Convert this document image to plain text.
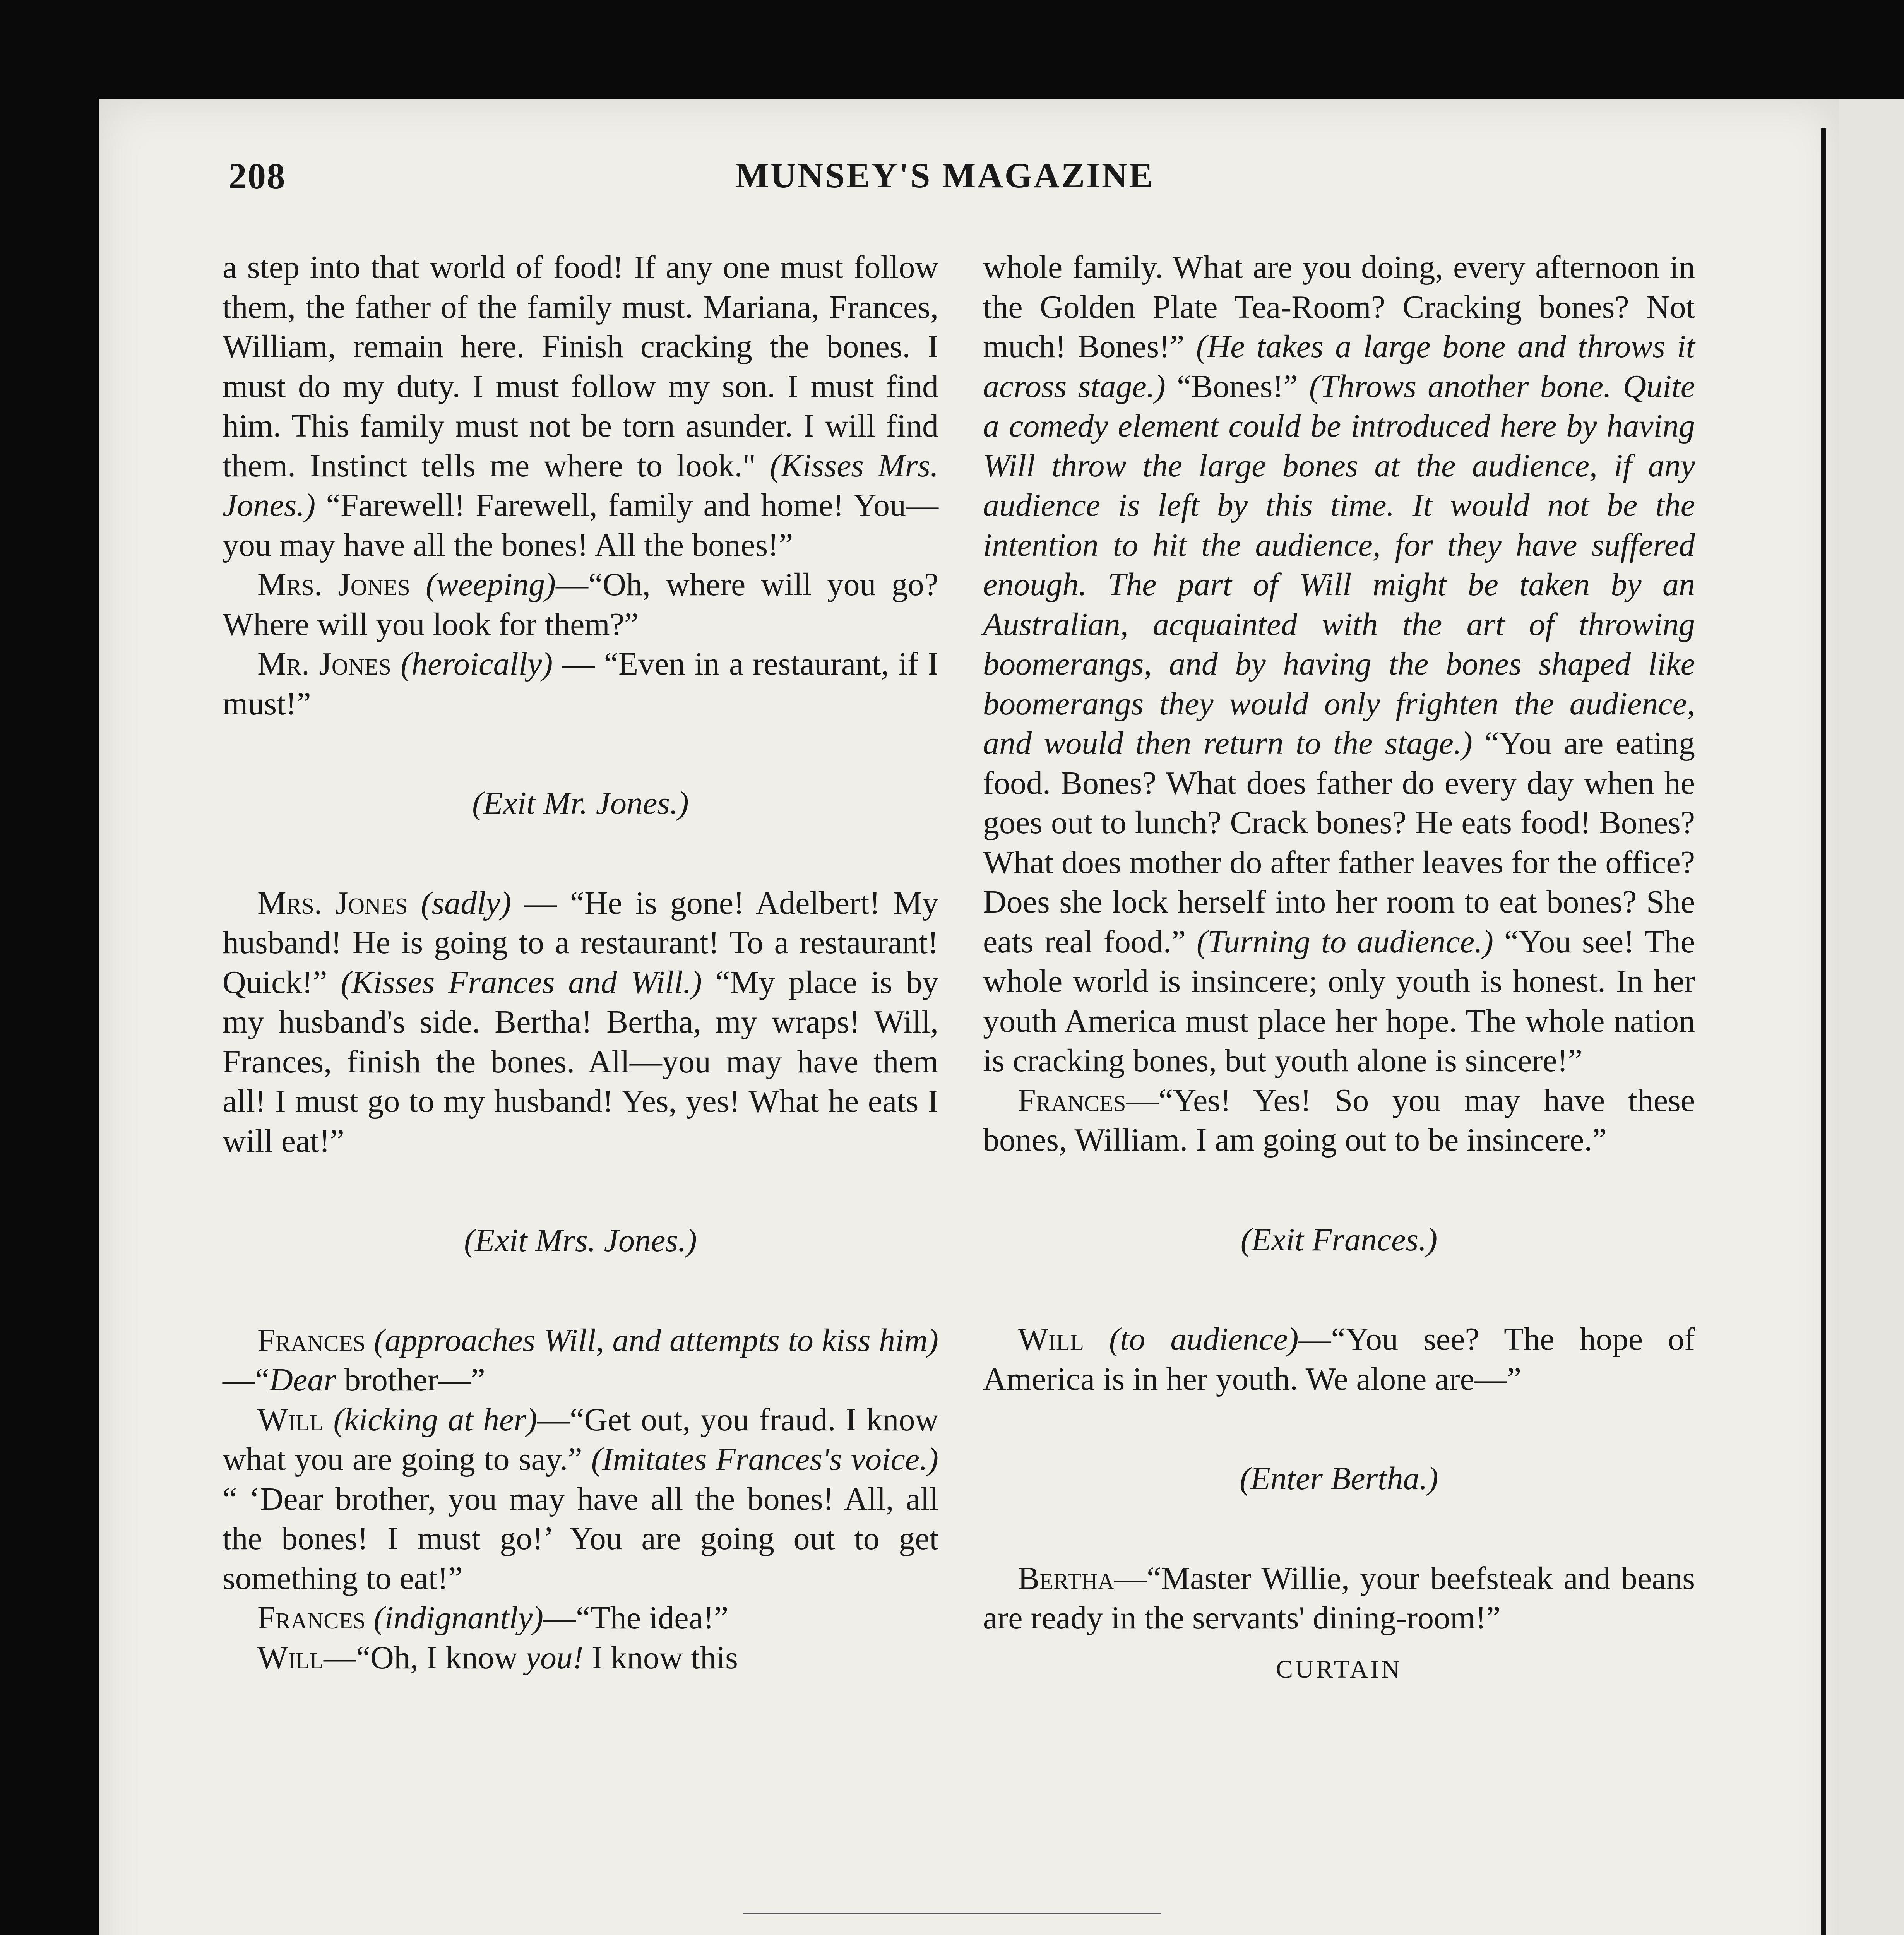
208	MUNSEY'S MAGAZINE

a step into that world of food! If any one must follow them, the father of the family must. Mariana, Frances, William, remain here. Finish cracking the bones. I must do my duty. I must follow my son. I must find him. This family must not be torn asunder. I will find them. Instinct tells me where to look." (Kisses Mrs. Jones.) “Farewell! Farewell, family and home! You—you may have all the bones! All the bones!”

Mrs. Jones (weeping)—“Oh, where will you go? Where will you look for them?”

Mr. Jones (heroically) — “Even in a restaurant, if I must!”

(Exit Mr. Jones.)

Mrs. Jones (sadly) — “He is gone! Adelbert! My husband! He is going to a restaurant! To a restaurant! Quick!” (Kisses Frances and Will.) “My place is by my husband's side. Bertha! Bertha, my wraps! Will, Frances, finish the bones. All—you may have them all! I must go to my husband! Yes, yes! What he eats I will eat!”

(Exit Mrs. Jones.)

Frances (approaches Will, and attempts to kiss him)—“Dear brother—”

Will (kicking at her)—“Get out, you fraud. I know what you are going to say.” (Imitates Frances's voice.) “ ‘Dear brother, you may have all the bones! All, all the bones! I must go!’ You are going out to get something to eat!”

Frances (indignantly)—“The idea!”

Will—“Oh, I know you! I know this

whole family. What are you doing, every afternoon in the Golden Plate Tea-Room? Cracking bones? Not much! Bones!” (He takes a large bone and throws it across stage.) “Bones!” (Throws another bone. Quite a comedy element could be introduced here by having Will throw the large bones at the audience, if any audience is left by this time. It would not be the intention to hit the audience, for they have suffered enough. The part of Will might be taken by an Australian, acquainted with the art of throwing boomerangs, and by having the bones shaped like boomerangs they would only frighten the audience, and would then return to the stage.) “You are eating food. Bones? What does father do every day when he goes out to lunch? Crack bones? He eats food! Bones? What does mother do after father leaves for the office? Does she lock herself into her room to eat bones? She eats real food.” (Turning to audience.) “You see! The whole world is insincere; only youth is honest. In her youth America must place her hope. The whole nation is cracking bones, but youth alone is sincere!”

Frances—“Yes! Yes! So you may have these bones, William. I am going out to be insincere.”

(Exit Frances.)

Will (to audience)—“You see? The hope of America is in her youth. We alone are—”

(Enter Bertha.)

Bertha—“Master Willie, your beefsteak and beans are ready in the servants' dining-room!”

CURTAIN
